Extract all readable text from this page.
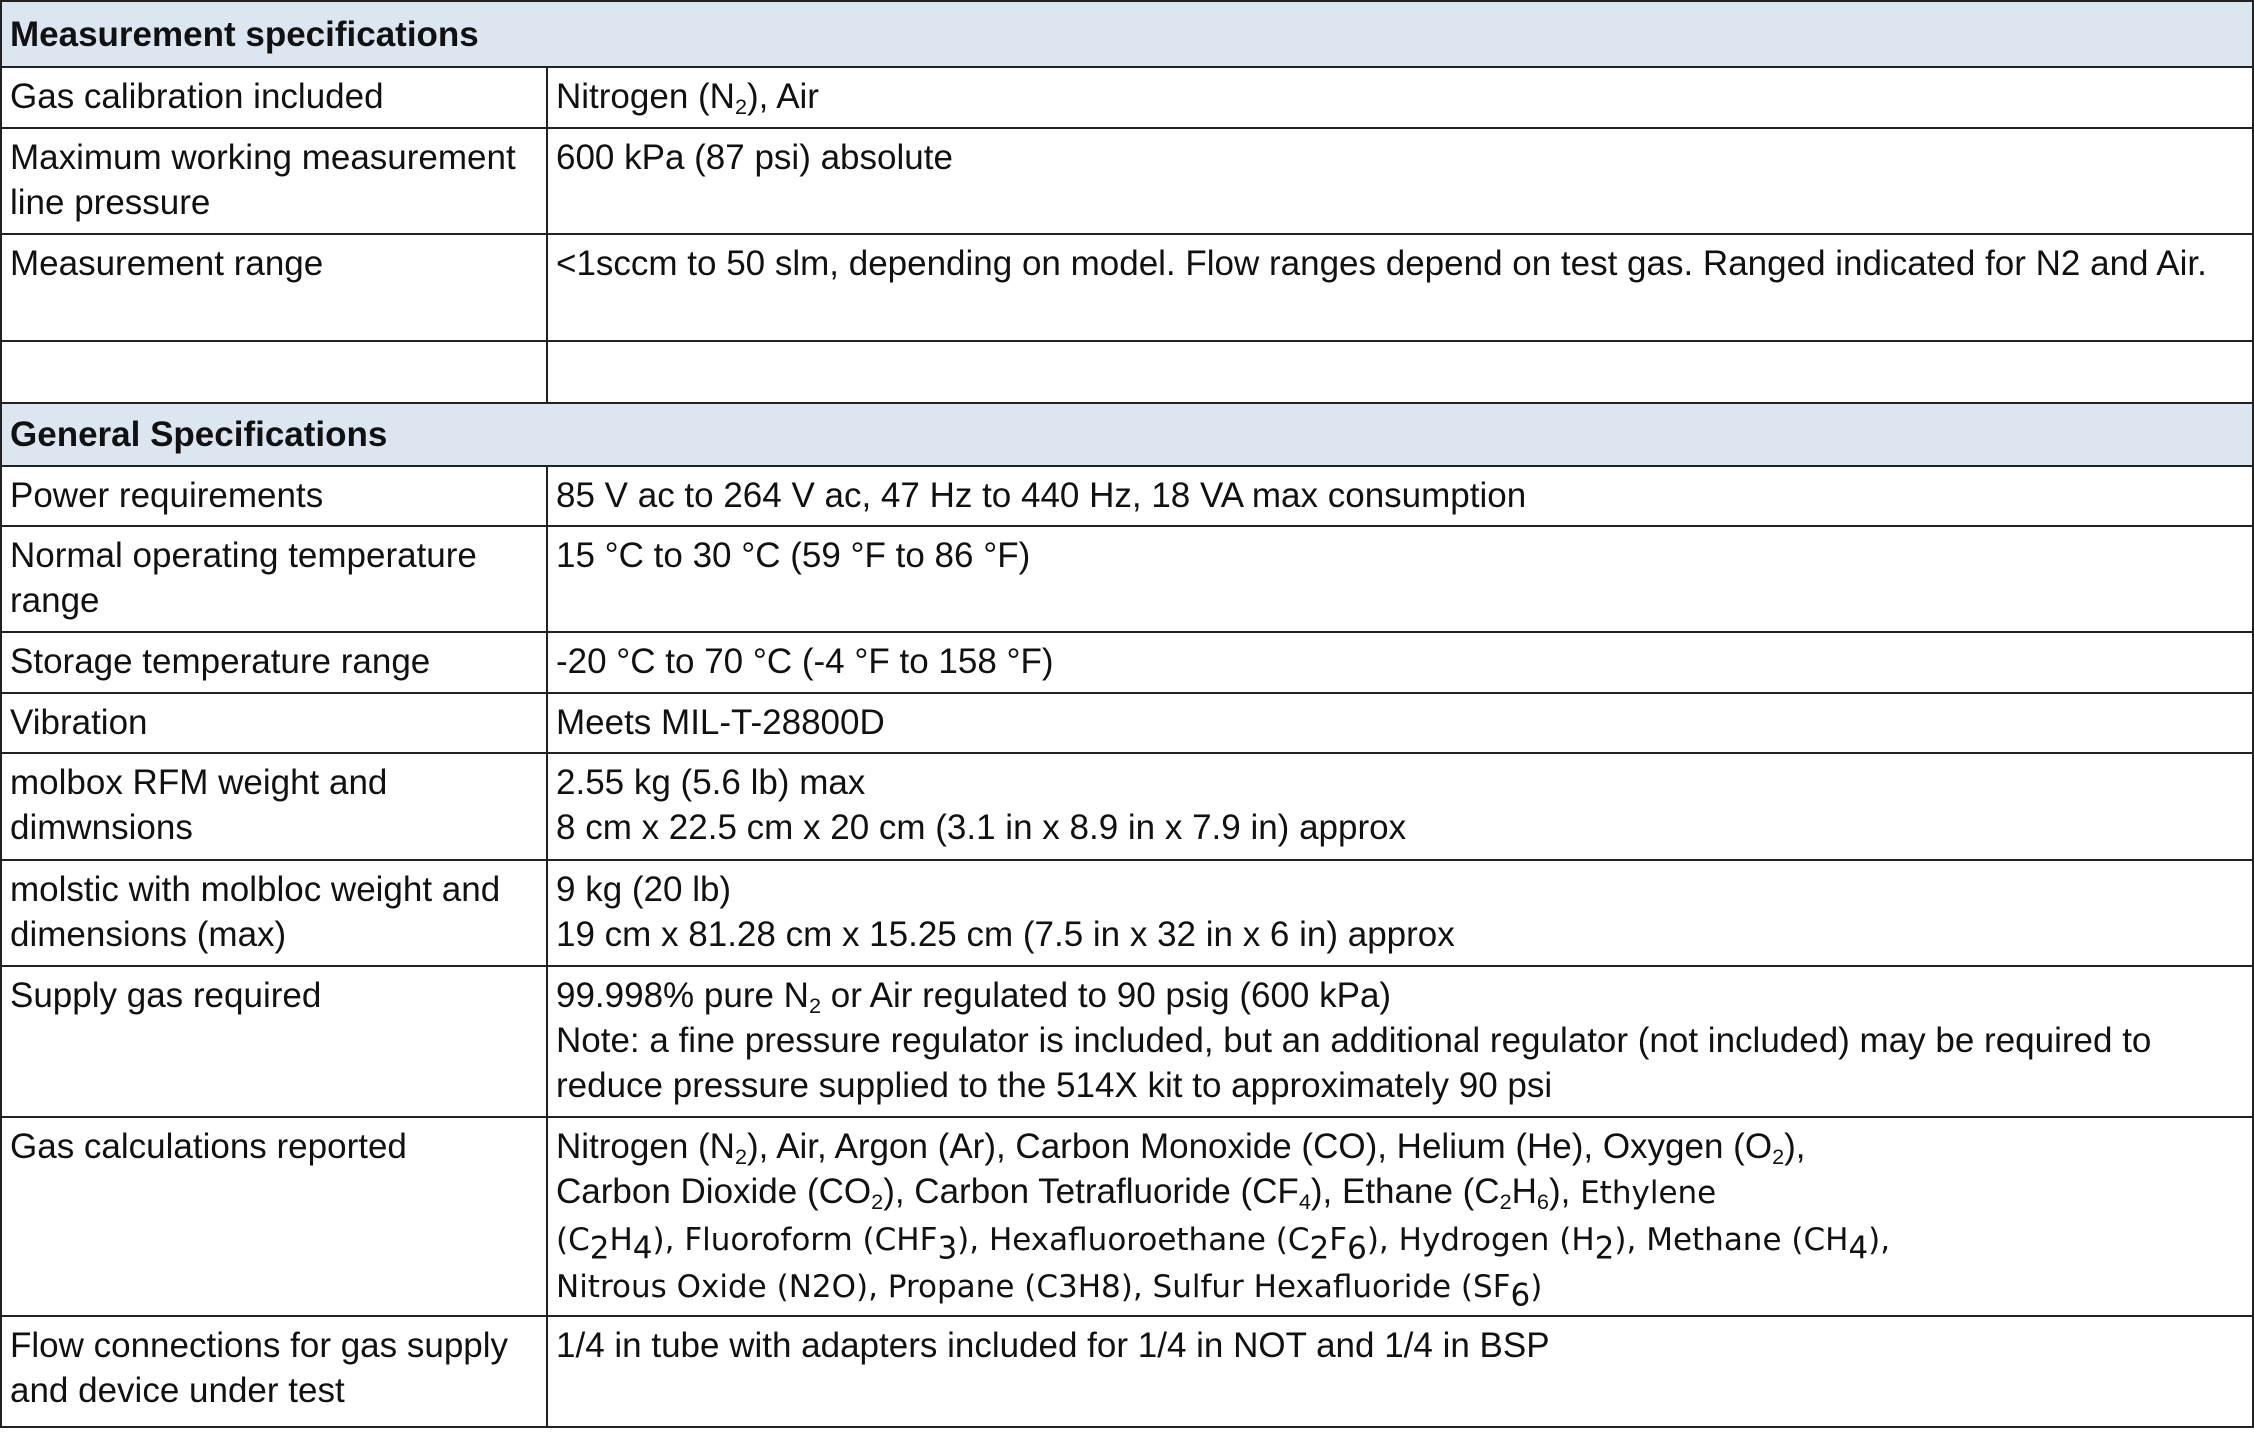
Measurement specifications	
Gas calibration included	Nitrogen $(N_2)$, Air

Maximum working measurement line pressure	600 kPa (87 psi) absolute

Measurement range	<1sccm to 50 slm, depending on model. Flow ranges depend on test gas. Ranged indicated for N2 and Air.

General Specifications	
Power requirements	85 V ac to 264 V ac, 47 Hz to 440 Hz, 18 VA max consumption

Normal operating temperature range	15 °C to 30 °C (59 °F to 86 °F)

Storage temperature range	-20 °C to 70 °C (-4 °F to 158 °F)

Vibration	Meets MIL-T-28800D

molbox RFM weight and dimwnsions	2.55 kg (5.6 lb) max
8 cm x 22.5 cm x 20 cm (3.1 in x 8.9 in x 7.9 in) approx

molstic with molbloc weight and dimensions (max)	9 kg (20 lb)
19 cm x 81.28 cm x 15.25 cm (7.5 in x 32 in x 6 in) approx

Supply gas required	99.998% pure $N_2$ or Air regulated to 90 psig (600 kPa)
Note: a fine pressure regulator is included, but an additional regulator (not included) may be required to reduce pressure supplied to the 514X kit to approximately 90 psi

Gas calculations reported	Nitrogen $(N_2)$, Air, Argon (Ar), Carbon Monoxide (CO), Helium (He), Oxygen $(O_2)$,
Carbon Dioxide $(CO_2)$, Carbon Tetrafluoride $(CF_4)$, Ethane $(C_2H_6)$, Ethylene
$(C_2H_4)$, Fluoroform $(CHF_3)$, Hexafluoroethane $(C_2F_6)$, Hydrogen $(H_2)$, Methane $(CH_4)$,
Nitrous Oxide (N2O), Propane (C3H8), Sulfur Hexafluoride $(SF_6)$

Flow connections for gas supply and device under test	1/4 in tube with adapters included for 1/4 in NOT and 1/4 in BSP
